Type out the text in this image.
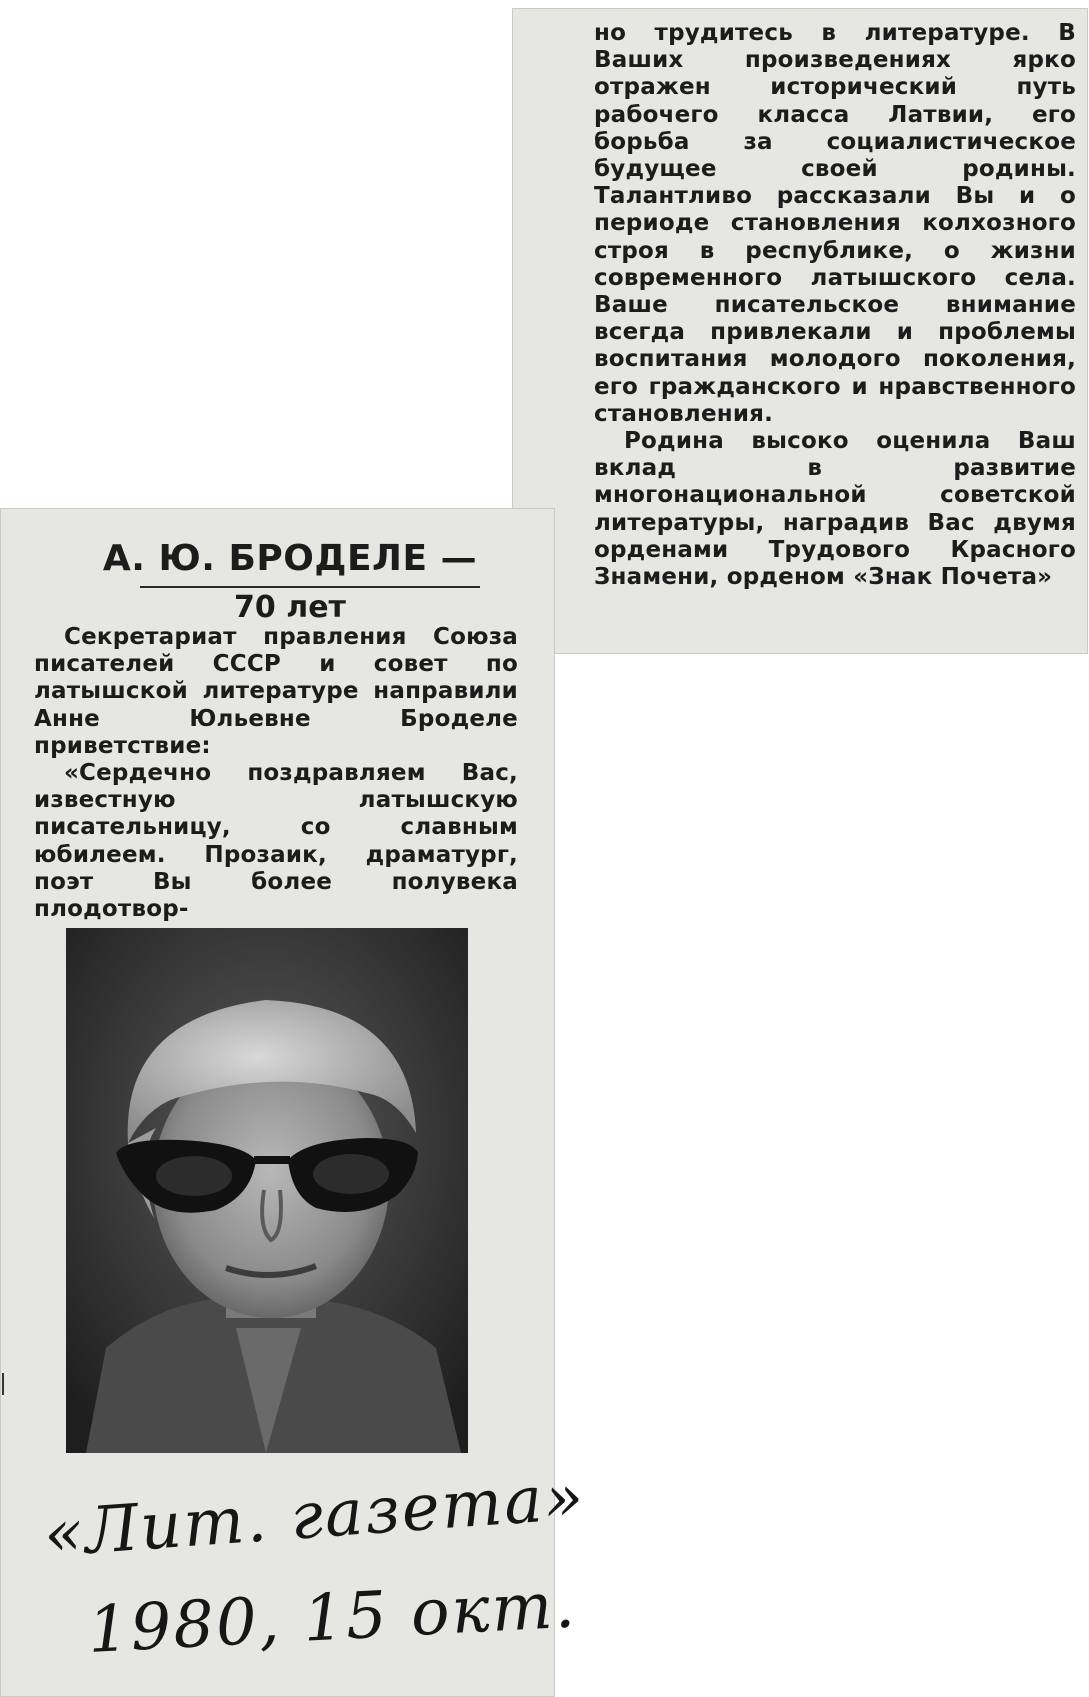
но трудитесь в литературе. В Ваших произведениях ярко отражен исторический путь рабочего класса Латвии, его борьба за социалистическое будущее своей родины. Талантливо рассказали Вы и о периоде становления колхозного строя в республике, о жизни современного латышского села. Ваше писательское внимание всегда привлекали и проблемы воспитания молодого поколения, его гражданского и нравственного становления.
Родина высоко оценила Ваш вклад в развитие многонациональной советской литературы, наградив Вас двумя орденами Трудового Красного Знамени, орденом «Знак Почета»
А. Ю. БРОДЕЛЕ —
70 лет
Секретариат правления Союза писателей СССР и совет по латышской литературе направили Анне Юльевне Броделе приветствие:
«Сердечно поздравляем Вас, известную латышскую писательницу, со славным юбилеем. Прозаик, драматург, поэт Вы более полувека плодотвор-
«Лит. газета»
1980, 15 окт.
